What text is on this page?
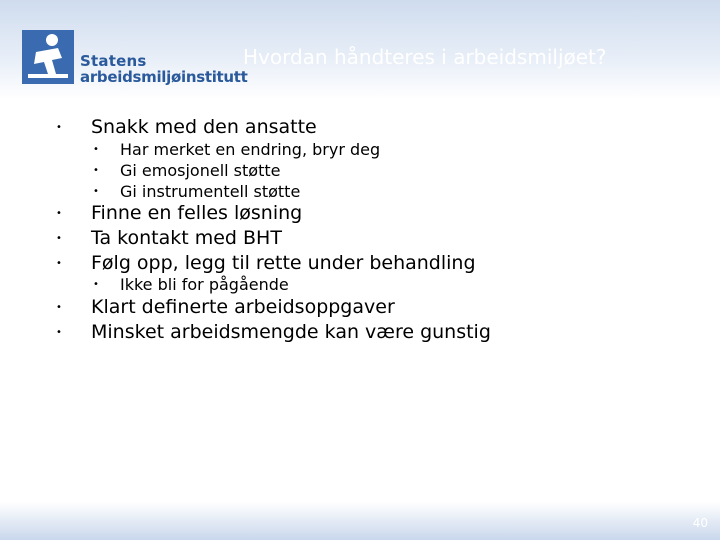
Statens
arbeidsmiljøinstitutt
Hvordan håndteres i arbeidsmiljøet?
• Snakk med den ansatte
• Har merket en endring, bryr deg
• Gi emosjonell støtte
• Gi instrumentell støtte
• Finne en felles løsning
• Ta kontakt med BHT
• Følg opp, legg til rette under behandling
• Ikke bli for pågående
• Klart definerte arbeidsoppgaver
• Minsket arbeidsmengde kan være gunstig
40
